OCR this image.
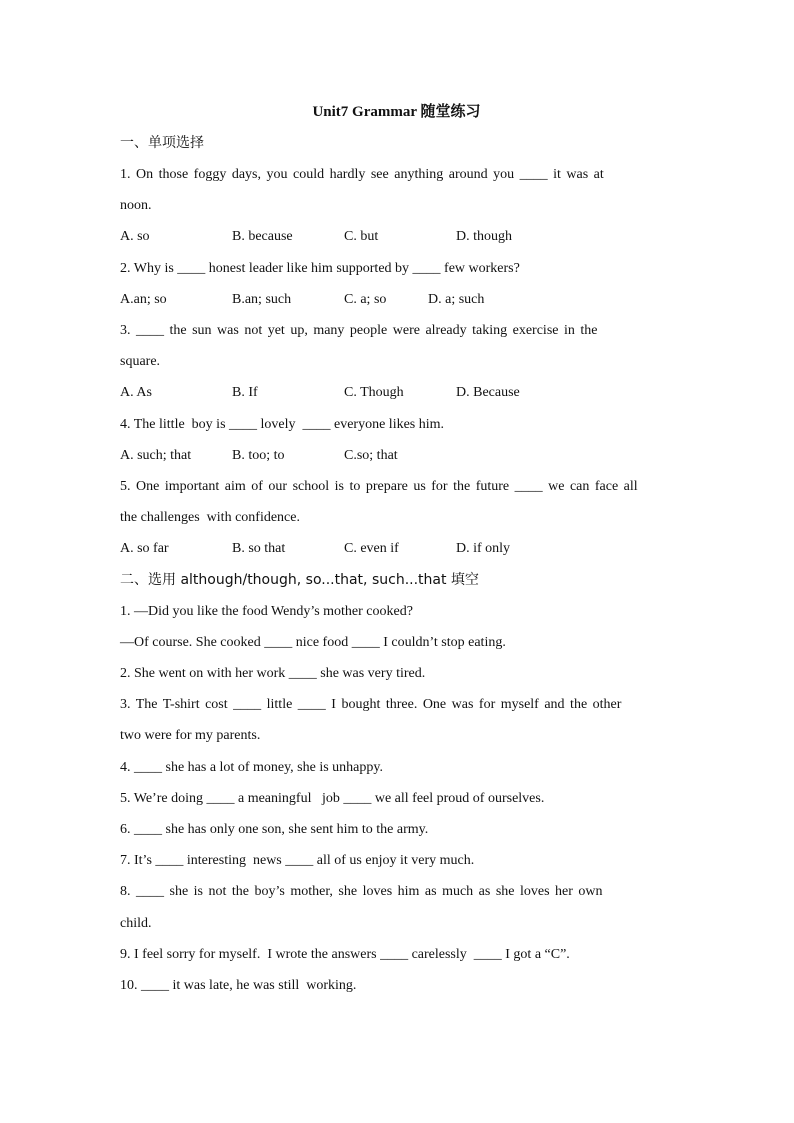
Unit7 Grammar 随堂练习

一、单项选择

1. On those foggy days, you could hardly see anything around you ____ it was at

noon.

A. so	B. because	C. but	D. though

2. Why is ____ honest leader like him supported by ____ few workers?

A.an; so	B.an; such	C. a; so	D. a; such

3. ____ the sun was not yet up, many people were already taking exercise in the

square.

A. As	B. If	C. Though	D. Because

4. The little  boy is ____ lovely  ____ everyone likes him.

A. such; that	B. too; to	C.so; that

5. One important aim of our school is to prepare us for the future ____ we can face all

the challenges  with confidence.

A. so far	B. so that	C. even if	D. if only

二、选用 although/though, so...that, such...that 填空

1. —Did you like the food Wendy’s mother cooked?

—Of course. She cooked ____ nice food ____ I couldn’t stop eating.

2. She went on with her work ____ she was very tired.

3. The T-shirt cost ____ little ____ I bought three. One was for myself and the other

two were for my parents.

4. ____ she has a lot of money, she is unhappy.

5. We’re doing ____ a meaningful   job ____ we all feel proud of ourselves.

6. ____ she has only one son, she sent him to the army.

7. It’s ____ interesting  news ____ all of us enjoy it very much.

8. ____ she is not the boy’s mother, she loves him as much as she loves her own

child.

9. I feel sorry for myself.  I wrote the answers ____ carelessly  ____ I got a “C”.

10. ____ it was late, he was still  working.
